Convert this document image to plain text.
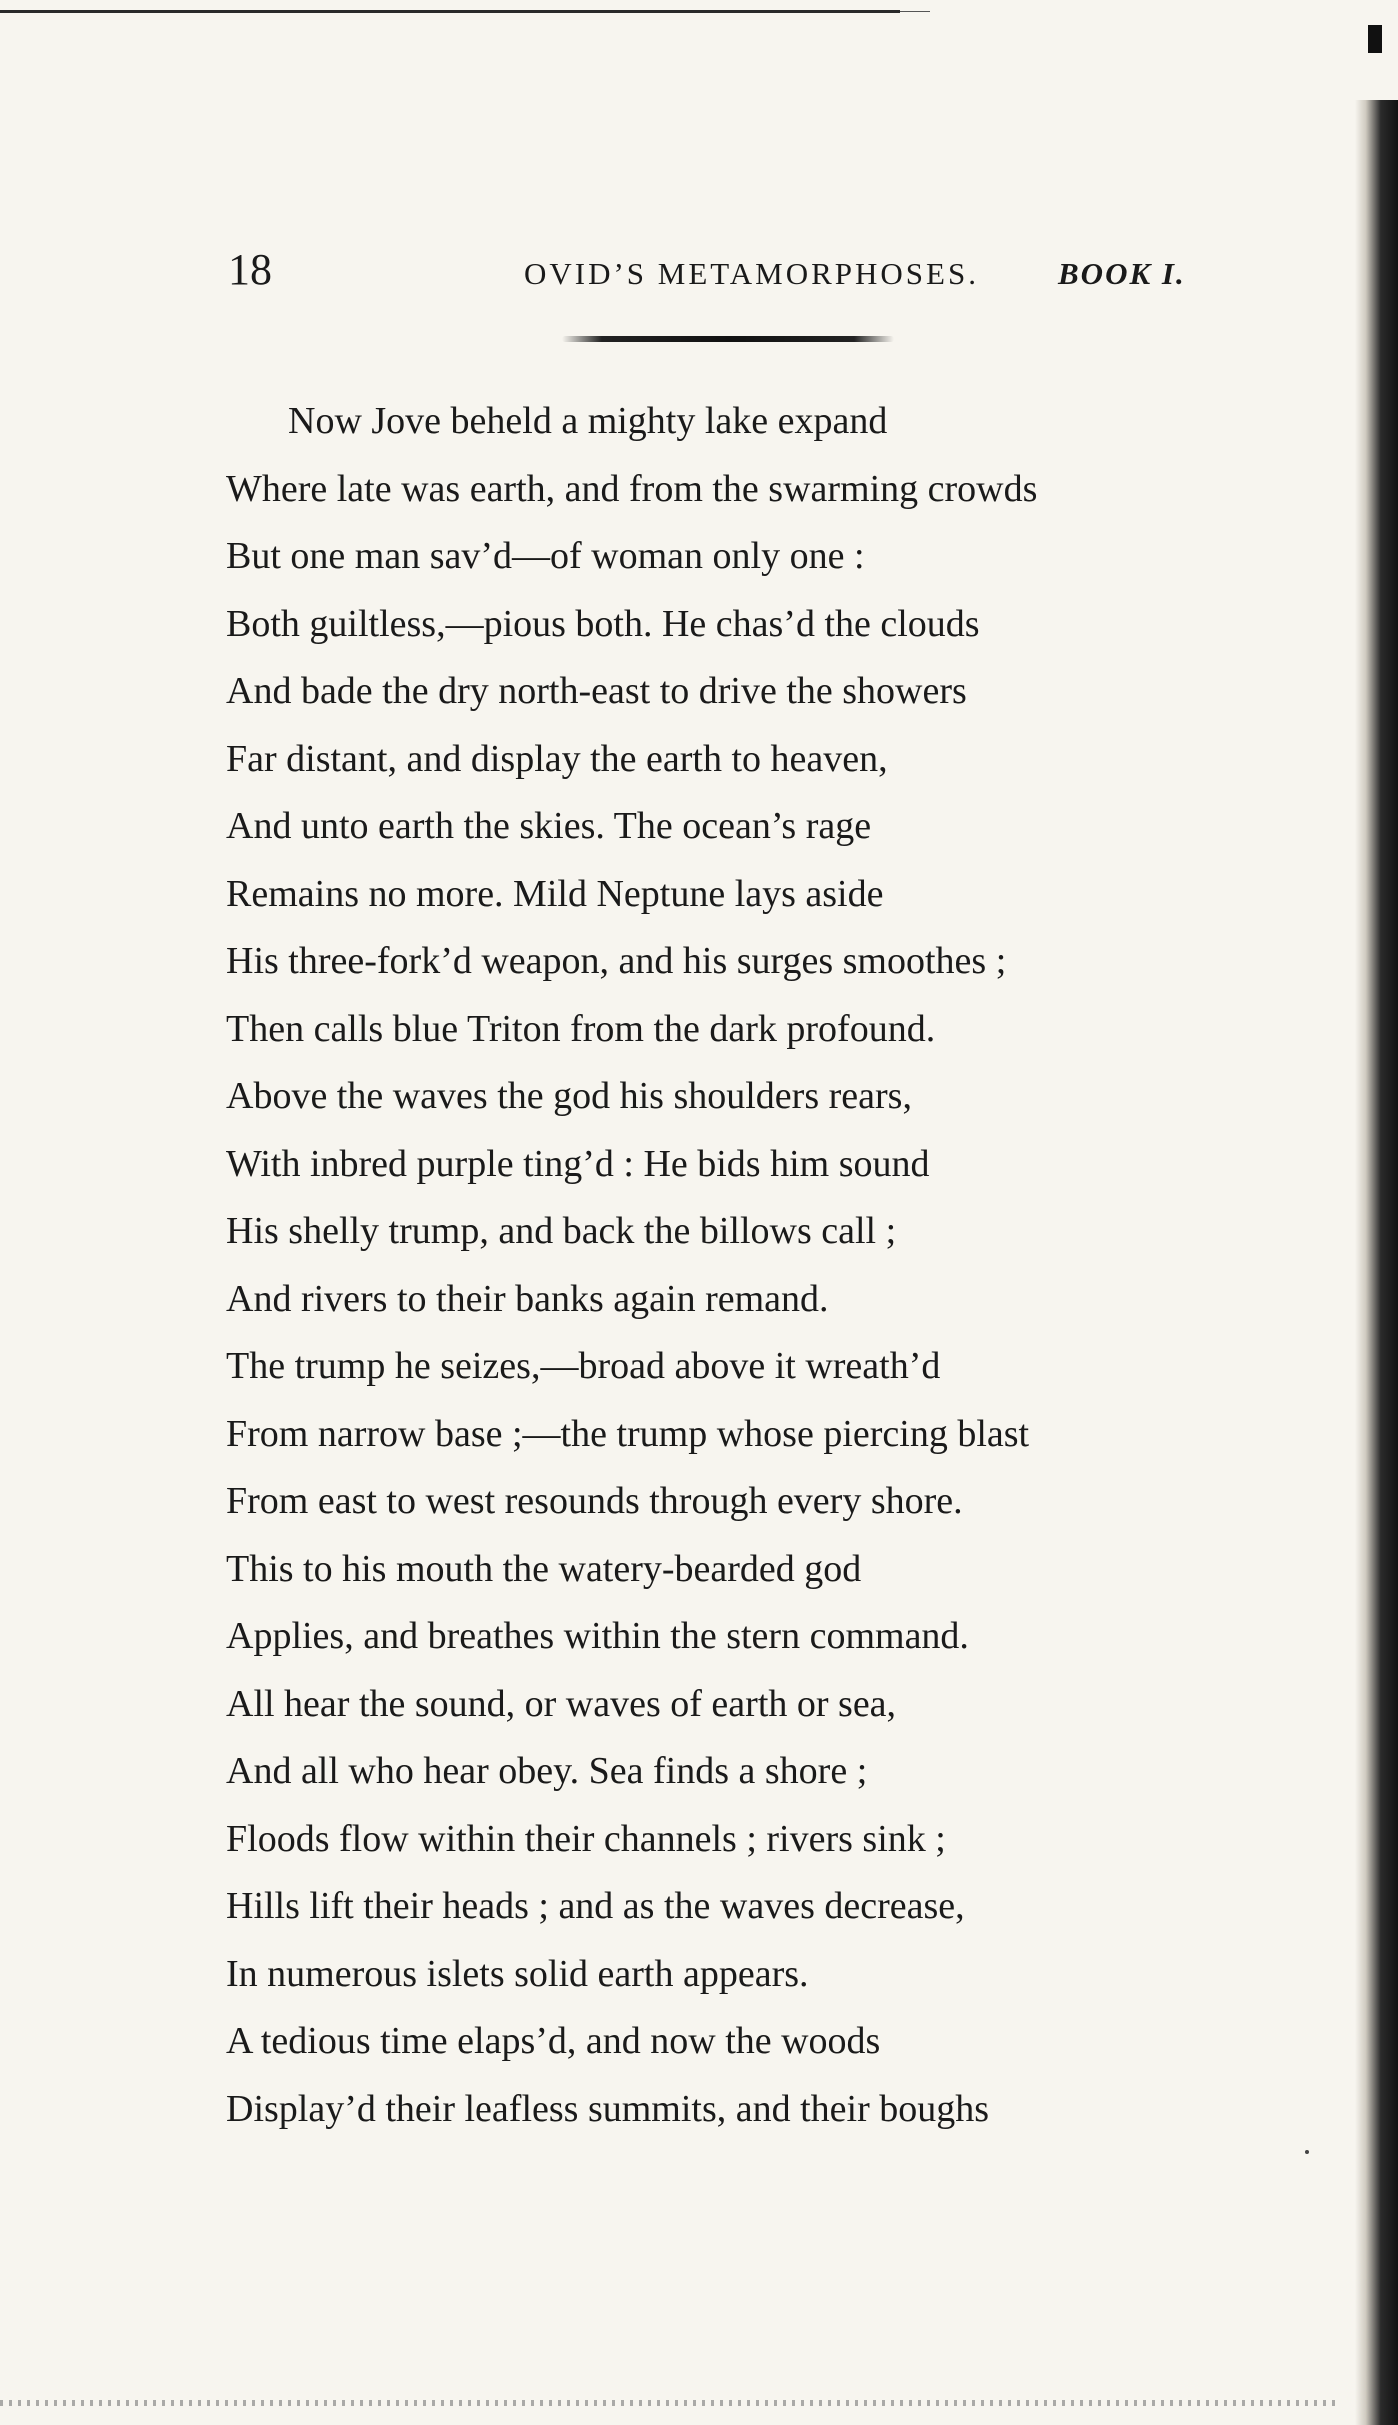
18	OVID’S METAMORPHOSES.	BOOK I.
Now Jove beheld a mighty lake expand
Where late was earth, and from the swarming crowds
But one man sav’d—of woman only one :
Both guiltless,—pious both. He chas’d the clouds
And bade the dry north-east to drive the showers
Far distant, and display the earth to heaven,
And unto earth the skies. The ocean’s rage
Remains no more. Mild Neptune lays aside
His three-fork’d weapon, and his surges smoothes ;
Then calls blue Triton from the dark profound.
Above the waves the god his shoulders rears,
With inbred purple ting’d : He bids him sound
His shelly trump, and back the billows call ;
And rivers to their banks again remand.
The trump he seizes,—broad above it wreath’d
From narrow base ;—the trump whose piercing blast
From east to west resounds through every shore.
This to his mouth the watery-bearded god
Applies, and breathes within the stern command.
All hear the sound, or waves of earth or sea,
And all who hear obey. Sea finds a shore ;
Floods flow within their channels ; rivers sink ;
Hills lift their heads ; and as the waves decrease,
In numerous islets solid earth appears.
A tedious time elaps’d, and now the woods
Display’d their leafless summits, and their boughs
